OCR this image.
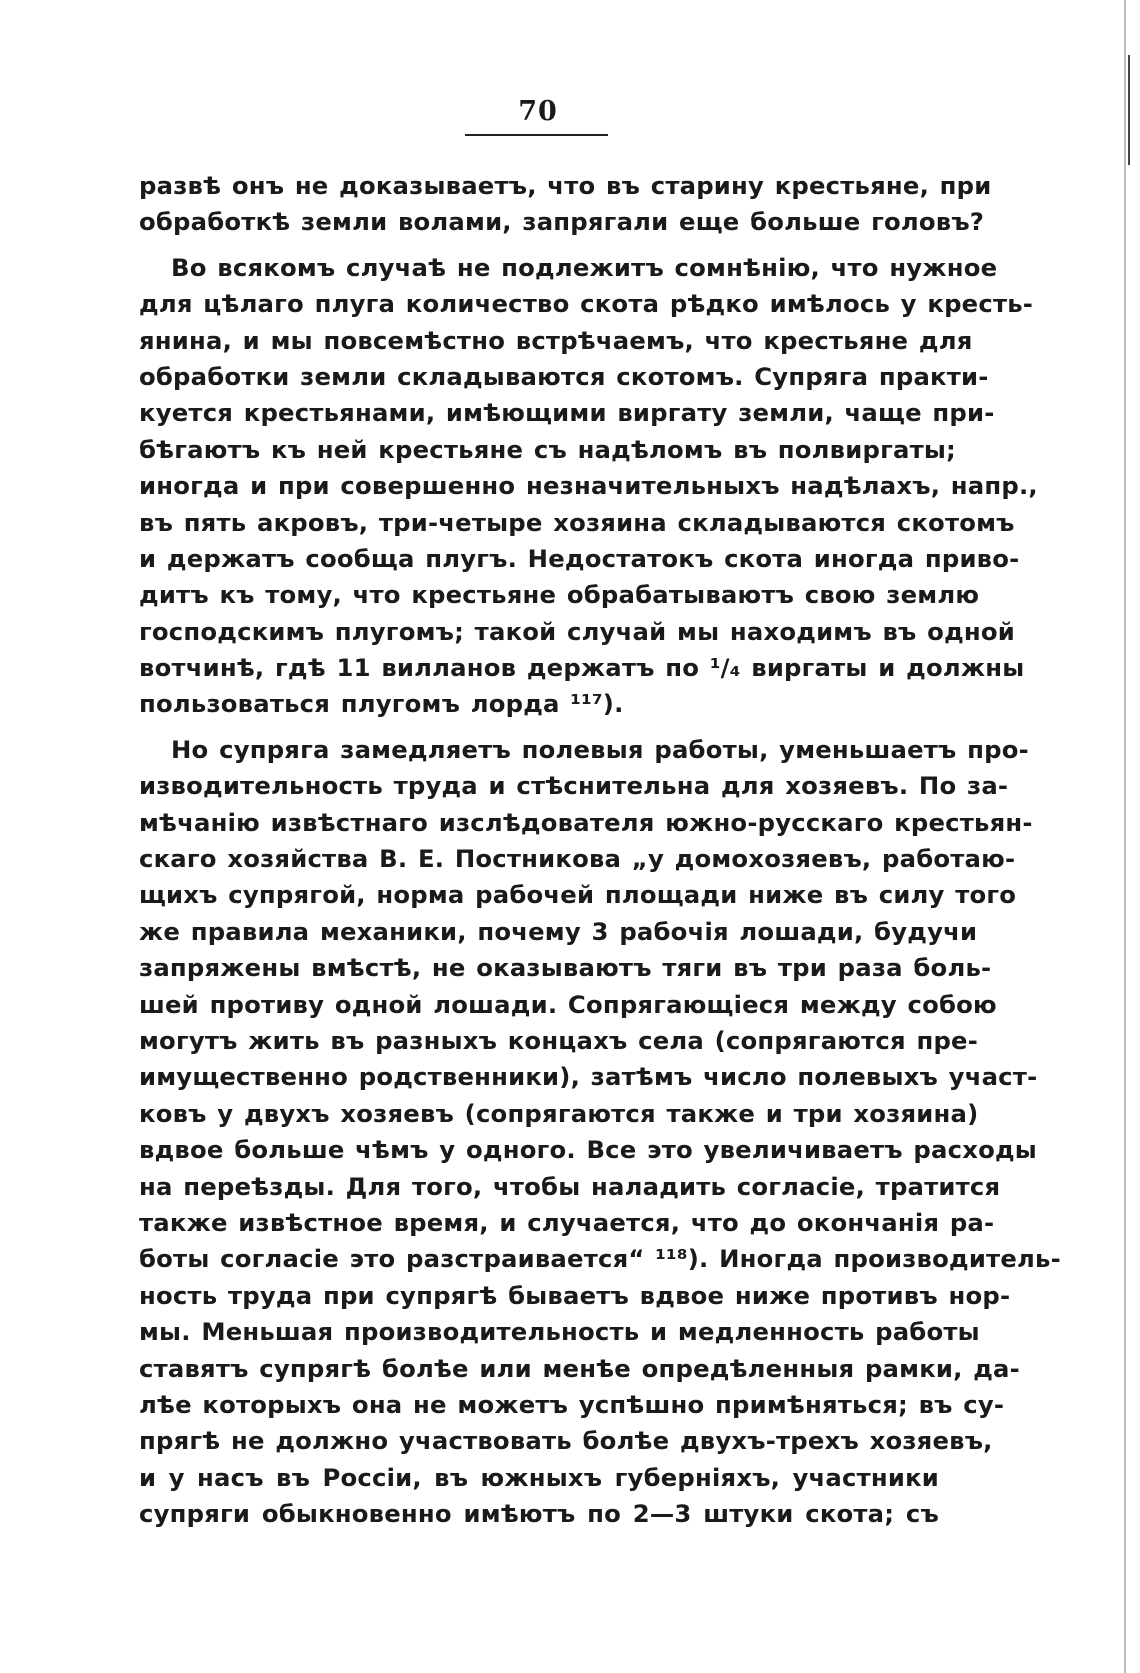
70
развѣ онъ не доказываетъ, что въ старину крестьяне, при
обработкѣ земли волами, запрягали еще больше головъ?
Во всякомъ случаѣ не подлежитъ сомнѣнію, что нужное
для цѣлаго плуга количество скота рѣдко имѣлось у кресть-
янина, и мы повсемѣстно встрѣчаемъ, что крестьяне для
обработки земли складываются скотомъ. Супряга практи-
куется крестьянами, имѣющими виргату земли, чаще при-
бѣгаютъ къ ней крестьяне съ надѣломъ въ полвиргаты;
иногда и при совершенно незначительныхъ надѣлахъ, напр.,
въ пять акровъ, три-четыре хозяина складываются скотомъ
и держатъ сообща плугъ. Недостатокъ скота иногда приво-
дитъ къ тому, что крестьяне обрабатываютъ свою землю
господскимъ плугомъ; такой случай мы находимъ въ одной
вотчинѣ, гдѣ 11 вилланов держатъ по ¹/₄ виргаты и должны
пользоваться плугомъ лорда ¹¹⁷).
Но супряга замедляетъ полевыя работы, уменьшаетъ про-
изводительность труда и стѣснительна для хозяевъ. По за-
мѣчанію извѣстнаго изслѣдователя южно-русскаго крестьян-
скаго хозяйства В. Е. Постникова „у домохозяевъ, работаю-
щихъ супрягой, норма рабочей площади ниже въ силу того
же правила механики, почему 3 рабочія лошади, будучи
запряжены вмѣстѣ, не оказываютъ тяги въ три раза боль-
шей противу одной лошади. Сопрягающіеся между собою
могутъ жить въ разныхъ концахъ села (сопрягаются пре-
имущественно родственники), затѣмъ число полевыхъ участ-
ковъ у двухъ хозяевъ (сопрягаются также и три хозяина)
вдвое больше чѣмъ у одного. Все это увеличиваетъ расходы
на переѣзды. Для того, чтобы наладить согласіе, тратится
также извѣстное время, и случается, что до окончанія ра-
боты согласіе это разстраивается“ ¹¹⁸). Иногда производитель-
ность труда при супрягѣ бываетъ вдвое ниже противъ нор-
мы. Меньшая производительность и медленность работы
ставятъ супрягѣ болѣе или менѣе опредѣленныя рамки, да-
лѣе которыхъ она не можетъ успѣшно примѣняться; въ су-
прягѣ не должно участвовать болѣе двухъ-трехъ хозяевъ,
и у насъ въ Россіи, въ южныхъ губерніяхъ, участники
супряги обыкновенно имѣютъ по 2—3 штуки скота; съ
